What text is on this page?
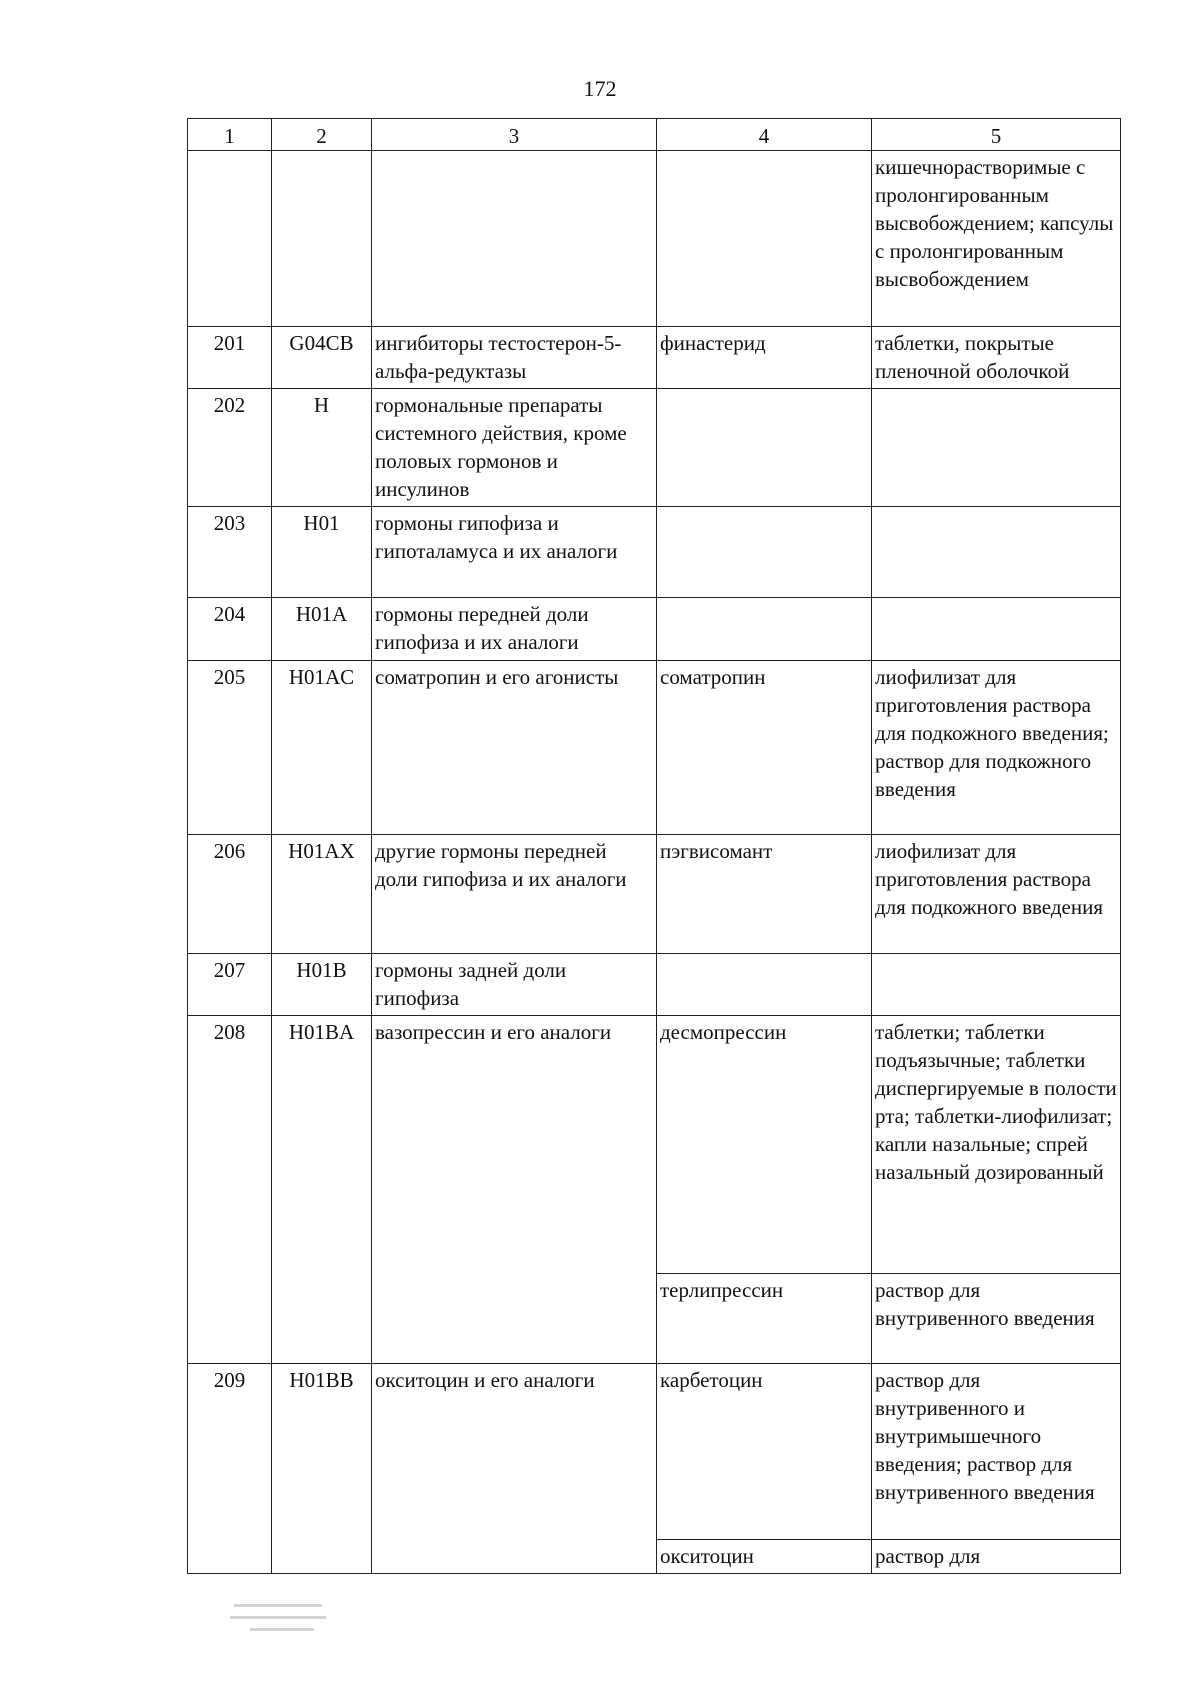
172
1	2	3	4	5
				кишечнорастворимые с пролонгированным высвобождением; капсулы с пролонгированным высвобождением
201	G04CB	ингибиторы тестостерон-5-альфа-редуктазы	финастерид	таблетки, покрытые пленочной оболочкой
202	H	гормональные препараты системного действия, кроме половых гормонов и инсулинов		
203	H01	гормоны гипофиза и гипоталамуса и их аналоги		
204	H01A	гормоны передней доли гипофиза и их аналоги		
205	H01AC	соматропин и его агонисты	соматропин	лиофилизат для приготовления раствора для подкожного введения; раствор для подкожного введения
206	H01AX	другие гормоны передней доли гипофиза и их аналоги	пэгвисомант	лиофилизат для приготовления раствора для подкожного введения
207	H01B	гормоны задней доли гипофиза		
208	H01BA	вазопрессин и его аналоги	десмопрессин	таблетки; таблетки подъязычные; таблетки диспергируемые в полости рта; таблетки-лиофилизат; капли назальные; спрей назальный дозированный
			терлипрессин	раствор для внутривенного введения
209	H01BB	окситоцин и его аналоги	карбетоцин	раствор для внутривенного и внутримышечного введения; раствор для внутривенного введения
			окситоцин	раствор для
